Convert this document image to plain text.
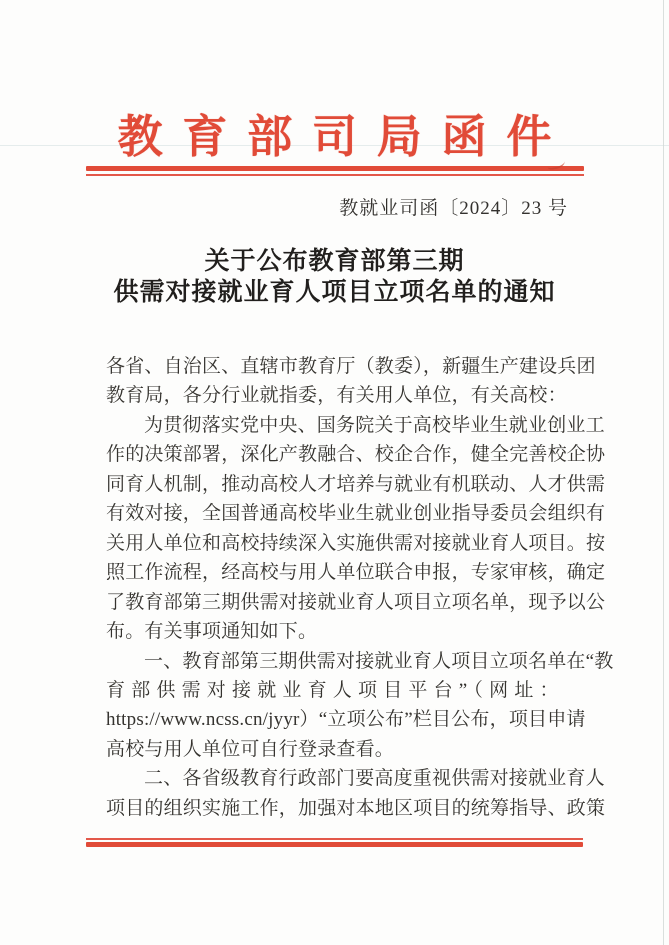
教育部司局函件
教就业司函〔2024〕23 号
关于公布教育部第三期
供需对接就业育人项目立项名单的通知
各省、自治区、直辖市教育厅（教委），新疆生产建设兵团
教育局，各分行业就指委，有关用人单位，有关高校：
为贯彻落实党中央、国务院关于高校毕业生就业创业工
作的决策部署，深化产教融合、校企合作，健全完善校企协
同育人机制，推动高校人才培养与就业有机联动、人才供需
有效对接，全国普通高校毕业生就业创业指导委员会组织有
关用人单位和高校持续深入实施供需对接就业育人项目。按
照工作流程，经高校与用人单位联合申报，专家审核，确定
了教育部第三期供需对接就业育人项目立项名单，现予以公
布。有关事项通知如下。
一、教育部第三期供需对接就业育人项目立项名单在“教
育部供需对接就业育人项目平台”（网址：
https://www.ncss.cn/jyyr）“立项公布”栏目公布，项目申请
高校与用人单位可自行登录查看。
二、各省级教育行政部门要高度重视供需对接就业育人
项目的组织实施工作，加强对本地区项目的统筹指导、政策
